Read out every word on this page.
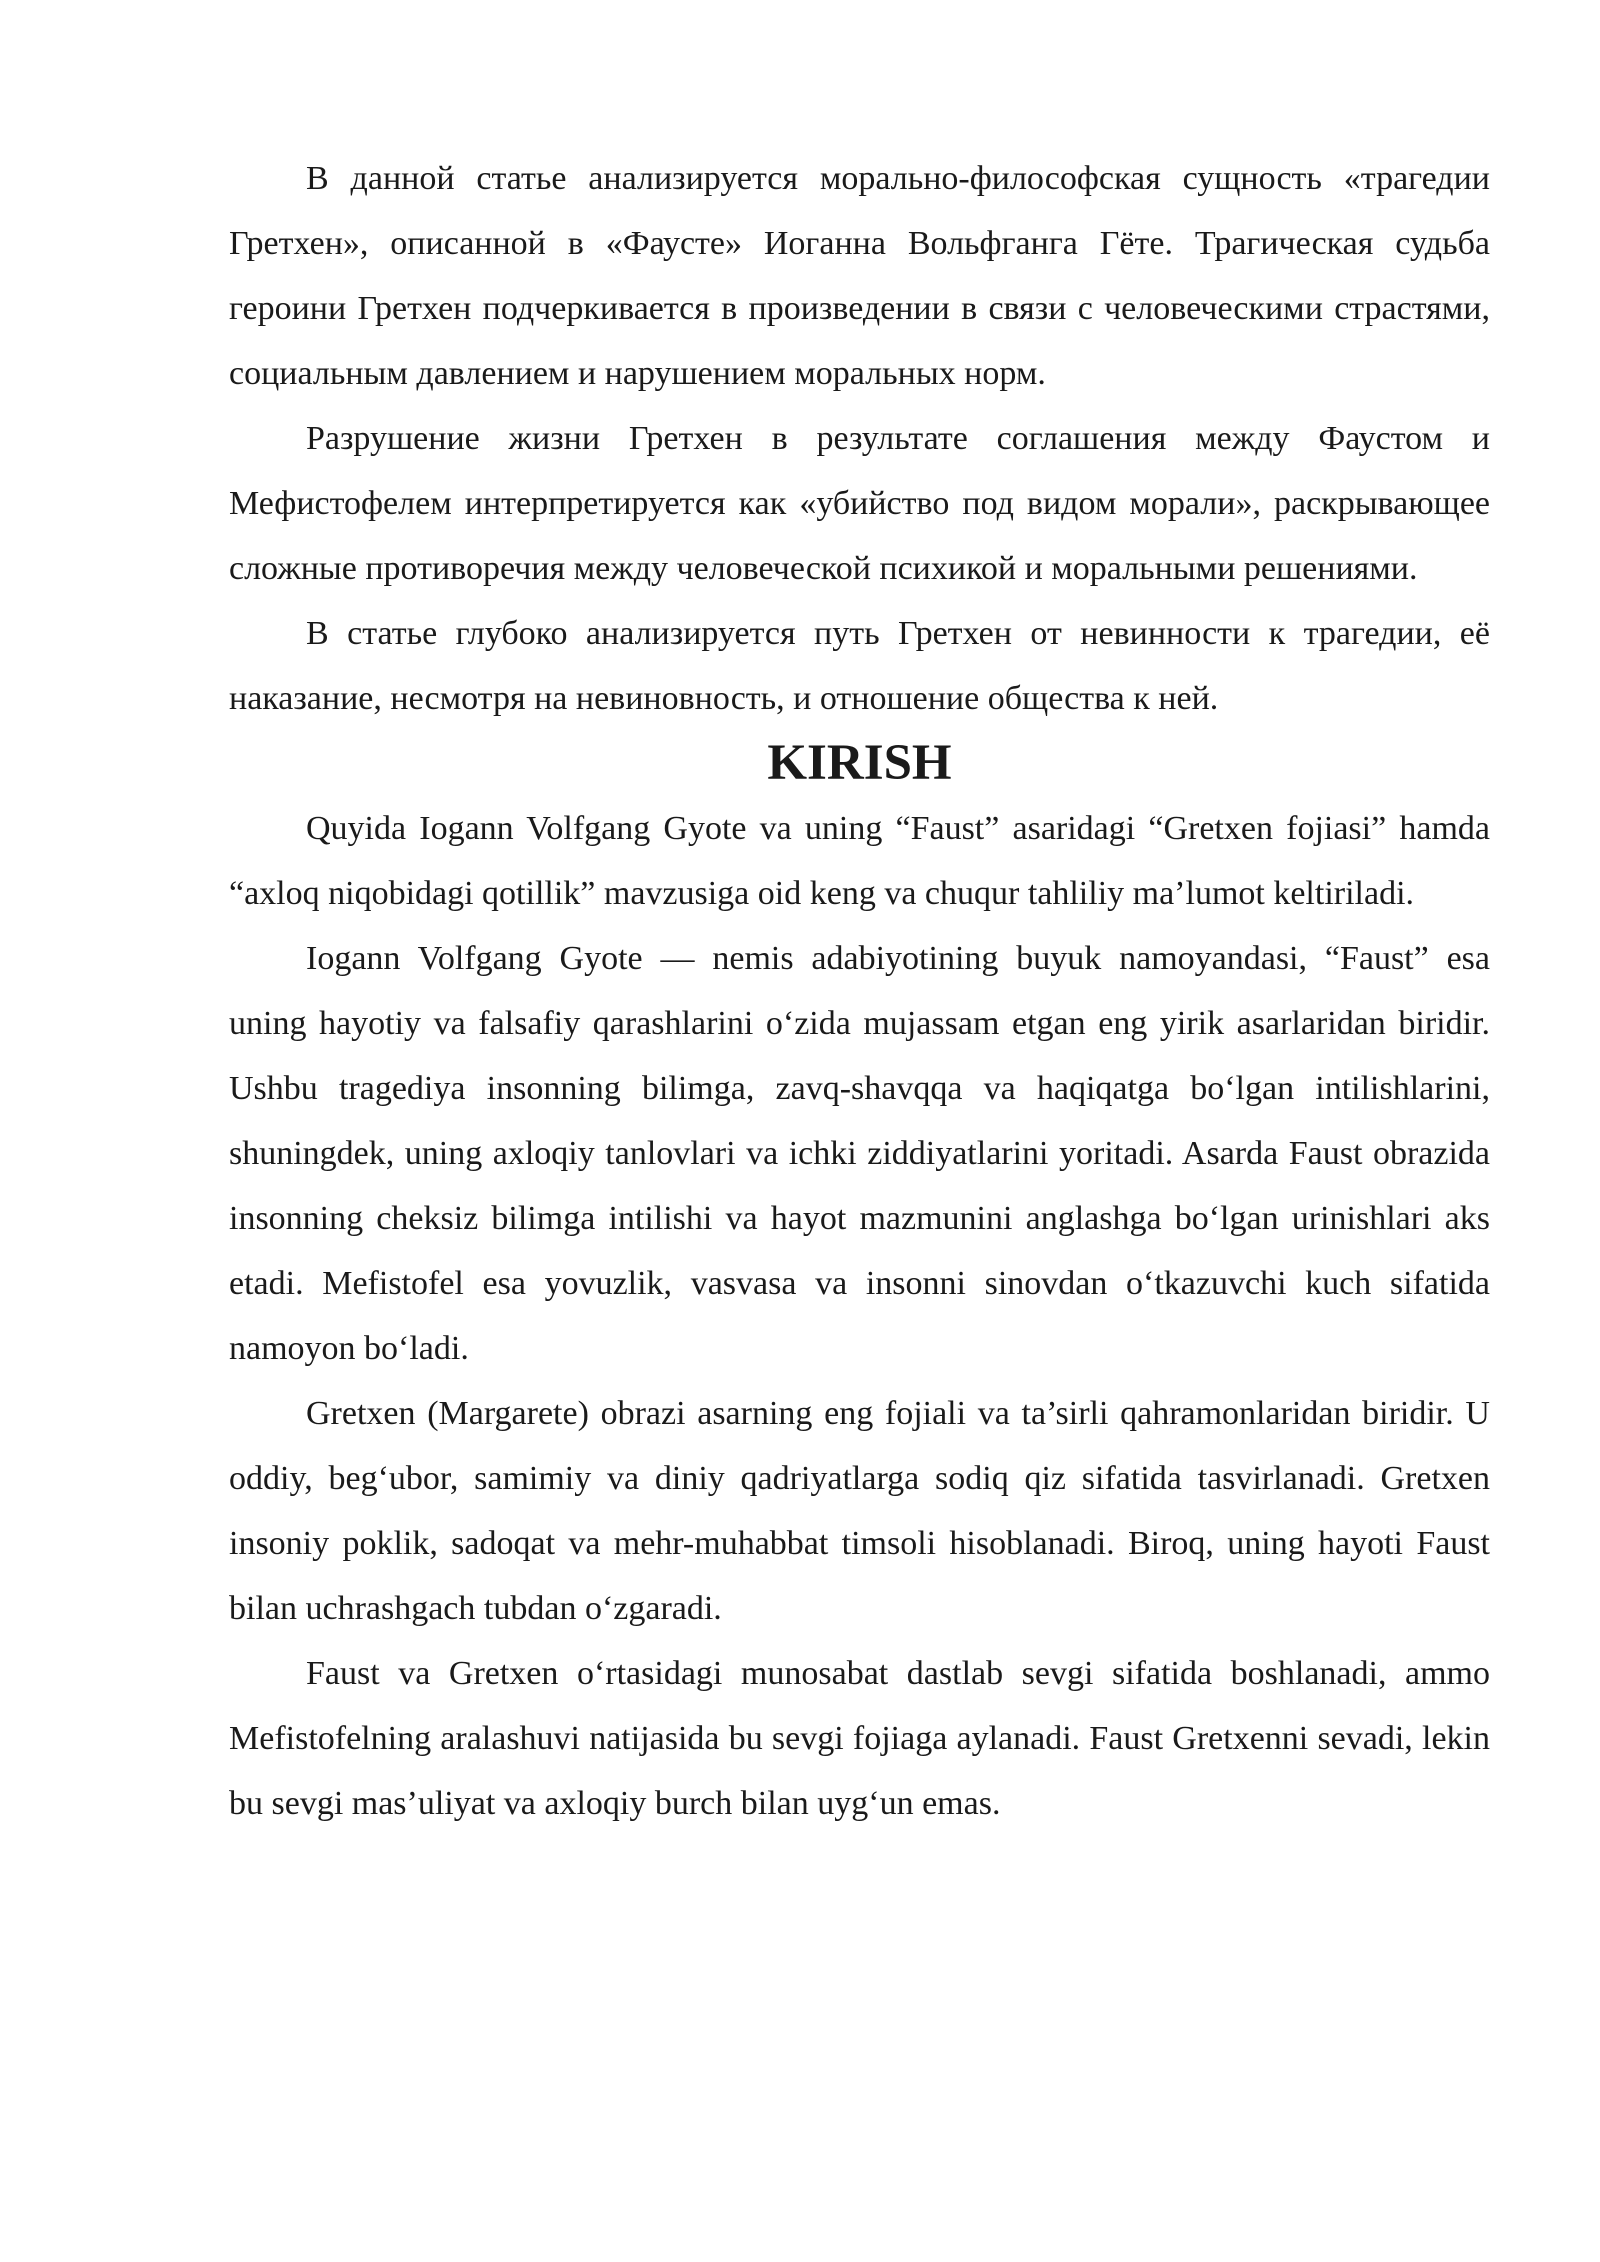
В данной статье анализируется морально-философская сущность «трагедии Гретхен», описанной в «Фаусте» Иоганна Вольфганга Гёте. Трагическая судьба героини Гретхен подчеркивается в произведении в связи с человеческими страстями, социальным давлением и нарушением моральных норм.

Разрушение жизни Гретхен в результате соглашения между Фаустом и Мефистофелем интерпретируется как «убийство под видом морали», раскрывающее сложные противоречия между человеческой психикой и моральными решениями.

В статье глубоко анализируется путь Гретхен от невинности к трагедии, её наказание, несмотря на невиновность, и отношение общества к ней.

KIRISH

Quyida Iogann Volfgang Gyote va uning “Faust” asaridagi “Gretxen fojiasi” hamda “axloq niqobidagi qotillik” mavzusiga oid keng va chuqur tahliliy ma’lumot keltiriladi.

Iogann Volfgang Gyote — nemis adabiyotining buyuk namoyandasi, “Faust” esa uning hayotiy va falsafiy qarashlarini o‘zida mujassam etgan eng yirik asarlaridan biridir. Ushbu tragediya insonning bilimga, zavq-shavqqa va haqiqatga bo‘lgan intilishlarini, shuningdek, uning axloqiy tanlovlari va ichki ziddiyatlarini yoritadi. Asarda Faust obrazida insonning cheksiz bilimga intilishi va hayot mazmunini anglashga bo‘lgan urinishlari aks etadi. Mefistofel esa yovuzlik, vasvasa va insonni sinovdan o‘tkazuvchi kuch sifatida namoyon bo‘ladi.

Gretxen (Margarete) obrazi asarning eng fojiali va ta’sirli qahramonlaridan biridir. U oddiy, beg‘ubor, samimiy va diniy qadriyatlarga sodiq qiz sifatida tasvirlanadi. Gretxen insoniy poklik, sadoqat va mehr-muhabbat timsoli hisoblanadi. Biroq, uning hayoti Faust bilan uchrashgach tubdan o‘zgaradi.

Faust va Gretxen o‘rtasidagi munosabat dastlab sevgi sifatida boshlanadi, ammo Mefistofelning aralashuvi natijasida bu sevgi fojiaga aylanadi. Faust Gretxenni sevadi, lekin bu sevgi mas’uliyat va axloqiy burch bilan uyg‘un emas.
